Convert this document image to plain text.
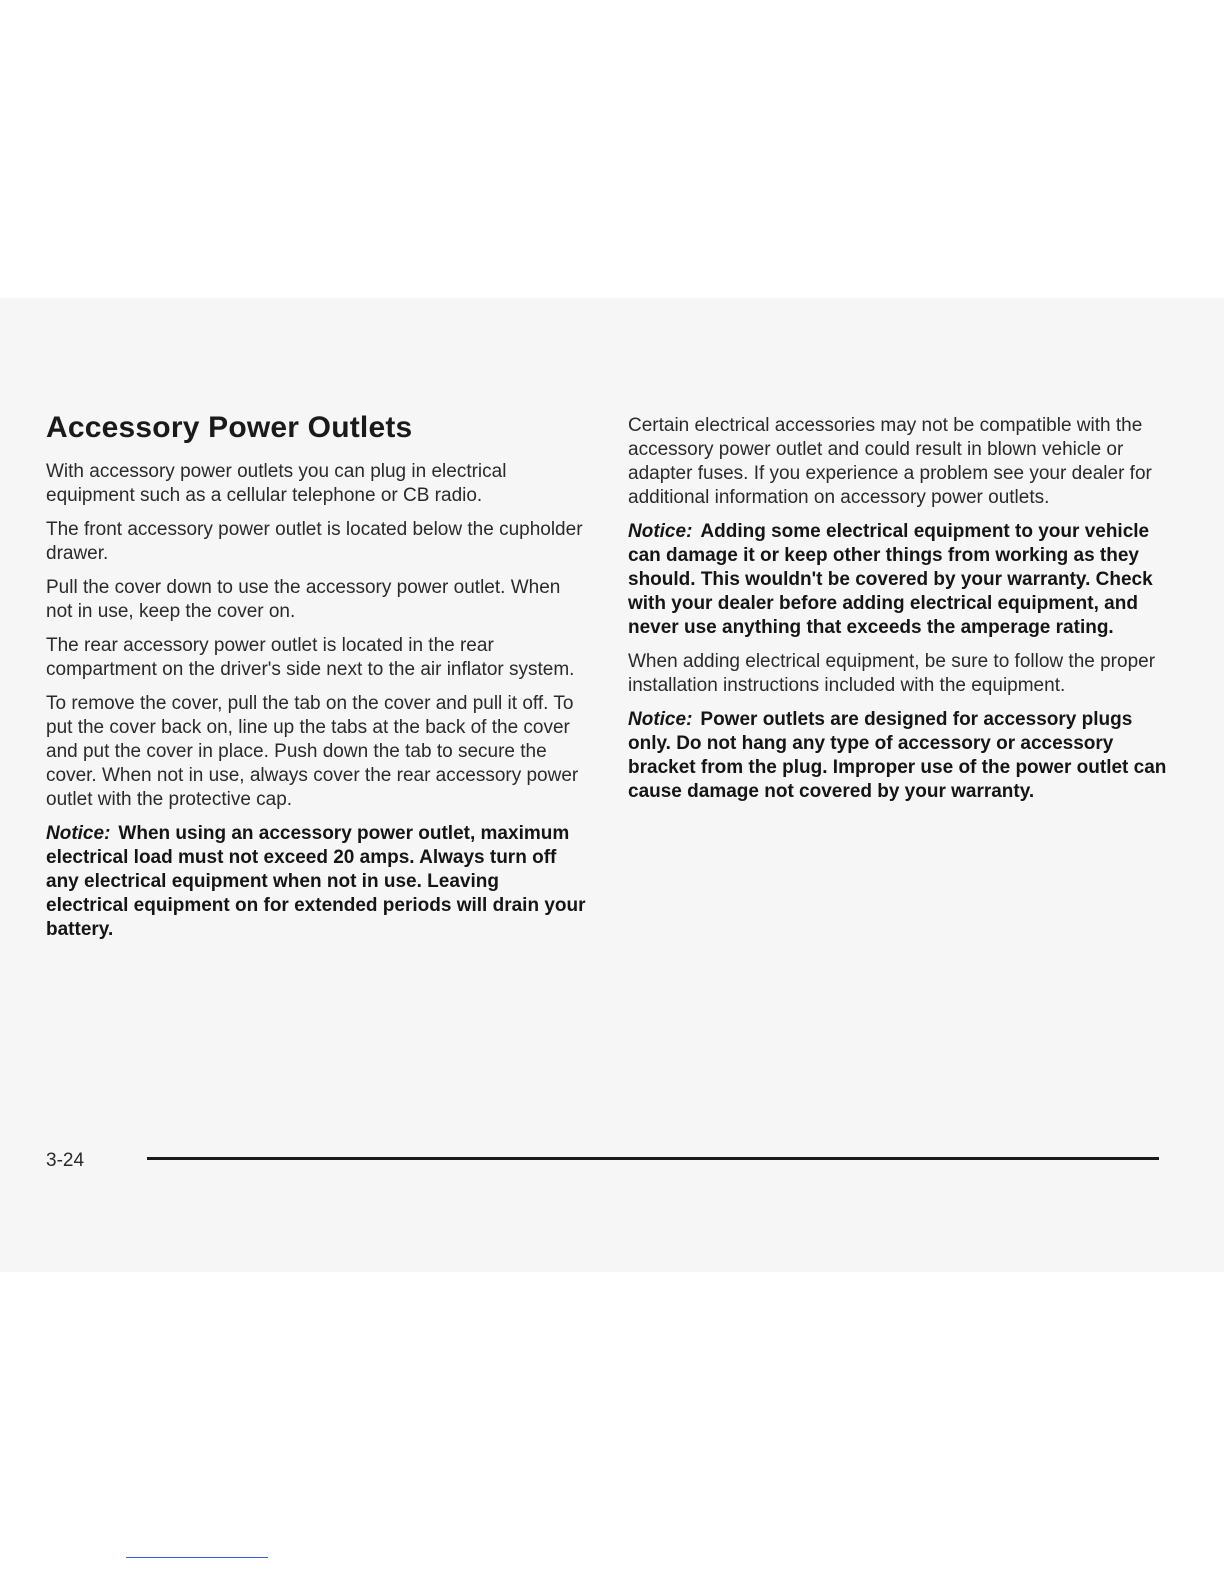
Accessory Power Outlets

With accessory power outlets you can plug in electrical equipment such as a cellular telephone or CB radio.

The front accessory power outlet is located below the cupholder drawer.

Pull the cover down to use the accessory power outlet. When not in use, keep the cover on.

The rear accessory power outlet is located in the rear compartment on the driver's side next to the air inflator system.

To remove the cover, pull the tab on the cover and pull it off. To put the cover back on, line up the tabs at the back of the cover and put the cover in place. Push down the tab to secure the cover. When not in use, always cover the rear accessory power outlet with the protective cap.

Notice: When using an accessory power outlet, maximum electrical load must not exceed 20 amps. Always turn off any electrical equipment when not in use. Leaving electrical equipment on for extended periods will drain your battery.

Certain electrical accessories may not be compatible with the accessory power outlet and could result in blown vehicle or adapter fuses. If you experience a problem see your dealer for additional information on accessory power outlets.

Notice: Adding some electrical equipment to your vehicle can damage it or keep other things from working as they should. This wouldn't be covered by your warranty. Check with your dealer before adding electrical equipment, and never use anything that exceeds the amperage rating.

When adding electrical equipment, be sure to follow the proper installation instructions included with the equipment.

Notice: Power outlets are designed for accessory plugs only. Do not hang any type of accessory or accessory bracket from the plug. Improper use of the power outlet can cause damage not covered by your warranty.

3-24
